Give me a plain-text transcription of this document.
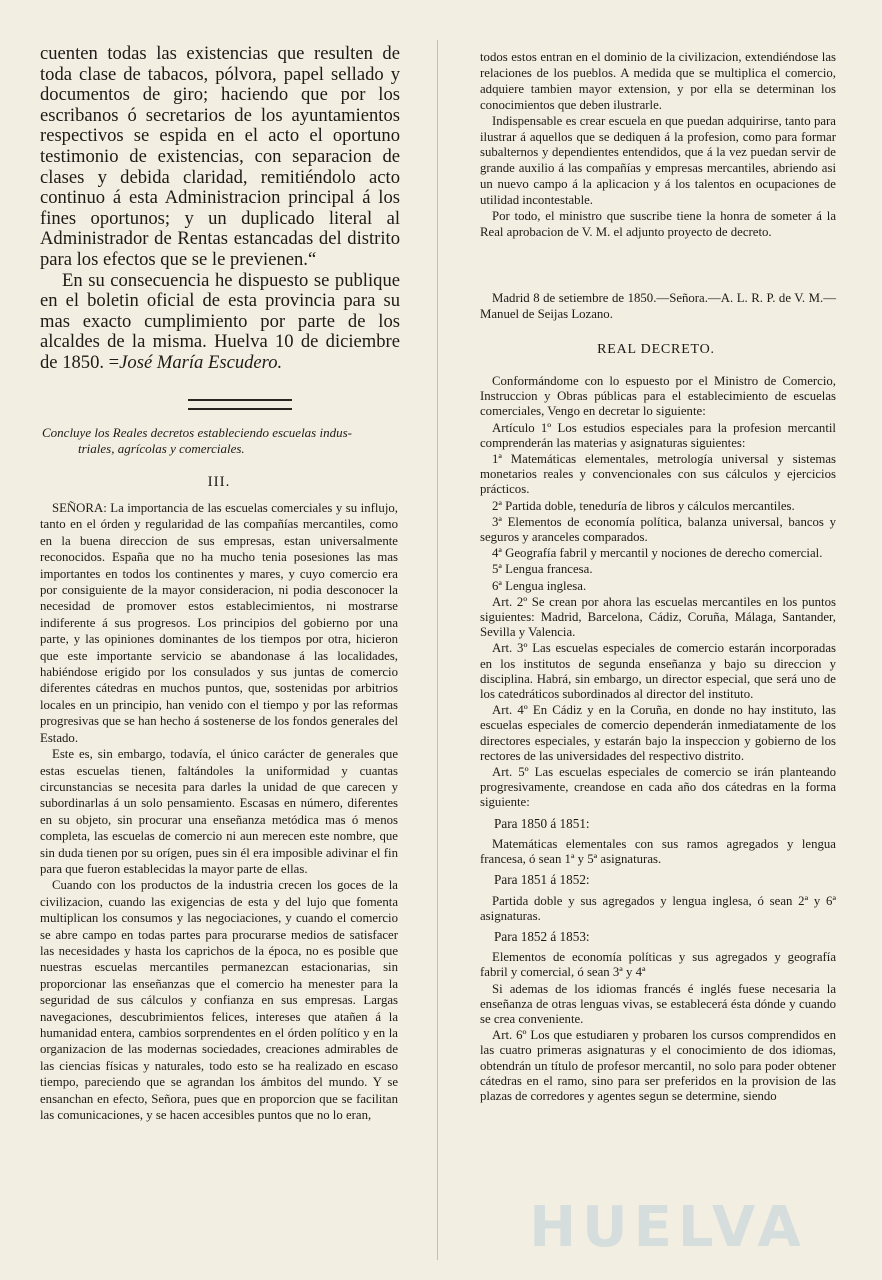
cuenten todas las existencias que resulten de toda clase de tabacos, pólvora, papel sellado y documentos de giro; haciendo que por los escribanos ó secretarios de los ayuntamientos respectivos se espida en el acto el oportuno testimonio de existencias, con separacion de clases y debida claridad, remitiéndolo acto continuo á esta Administracion principal á los fines oportunos; y un duplicado literal al Administrador de Rentas estancadas del distrito para los efectos que se le previenen.“

En su consecuencia he dispuesto se publique en el boletin oficial de esta provincia para su mas exacto cumplimiento por parte de los alcaldes de la misma. Huelva 10 de diciembre de 1850. =José María Escudero.

Concluye los Reales decretos estableciendo escuelas indus-
triales, agrícolas y comerciales.
III.

SEÑORA: La importancia de las escuelas comerciales y su influjo, tanto en el órden y regularidad de las compañías mercantiles, como en la buena direccion de sus empresas, estan universalmente reconocidos. España que no ha mucho tenia posesiones las mas importantes en todos los continentes y mares, y cuyo comercio era por consiguiente de la mayor consideracion, ni podia desconocer la necesidad de promover estos establecimientos, ni mostrarse indiferente á sus progresos. Los principios del gobierno por una parte, y las opiniones dominantes de los tiempos por otra, hicieron que este importante servicio se abandonase á las localidades, habiéndose erigido por los consulados y sus juntas de comercio diferentes cátedras en muchos puntos, que, sostenidas por arbitrios locales en un principio, han venido con el tiempo y por las reformas progresivas que se han hecho á sostenerse de los fondos generales del Estado.

Este es, sin embargo, todavía, el único carácter de generales que estas escuelas tienen, faltándoles la uniformidad y cuantas circunstancias se necesita para darles la unidad de que carecen y subordinarlas á un solo pensamiento. Escasas en número, diferentes en su objeto, sin procurar una enseñanza metódica mas ó menos completa, las escuelas de comercio ni aun merecen este nombre, que sin duda tienen por su orígen, pues sin él era imposible adivinar el fin para que fueron establecidas la mayor parte de ellas.

Cuando con los productos de la industria crecen los goces de la civilizacion, cuando las exigencias de esta y del lujo que fomenta multiplican los consumos y las negociaciones, y cuando el comercio se abre campo en todas partes para procurarse medios de satisfacer las necesidades y hasta los caprichos de la época, no es posible que nuestras escuelas mercantiles permanezcan estacionarias, sin proporcionar las enseñanzas que el comercio ha menester para la seguridad de sus cálculos y confianza en sus empresas. Largas navegaciones, descubrimientos felices, intereses que atañen á la humanidad entera, cambios sorprendentes en el órden político y en la organizacion de las modernas sociedades, creaciones admirables de las ciencias físicas y naturales, todo esto se ha realizado en escaso tiempo, pareciendo que se agrandan los ámbitos del mundo. Y se ensanchan en efecto, Señora, pues que en proporcion que se facilitan las comunicaciones, y se hacen accesibles puntos que no lo eran,

todos estos entran en el dominio de la civilizacion, extendiéndose las relaciones de los pueblos. A medida que se multiplica el comercio, adquiere tambien mayor extension, y por ella se determinan los conocimientos que deben ilustrarle.

Indispensable es crear escuela en que puedan adquirirse, tanto para ilustrar á aquellos que se dediquen á la profesion, como para formar subalternos y dependientes entendidos, que á la vez puedan servir de grande auxilio á las compañías y empresas mercantiles, abriendo asi un nuevo campo á la aplicacion y á los talentos en ocupaciones de utilidad incontestable.

Por todo, el ministro que suscribe tiene la honra de someter á la Real aprobacion de V. M. el adjunto proyecto de decreto.

Madrid 8 de setiembre de 1850.—Señora.—A. L. R. P. de V. M.—Manuel de Seijas Lozano.
REAL DECRETO.

Conformándome con lo espuesto por el Ministro de Comercio, Instruccion y Obras públicas para el establecimiento de escuelas comerciales, Vengo en decretar lo siguiente:

Artículo 1º Los estudios especiales para la profesion mercantil comprenderán las materias y asignaturas siguientes:

1ª Matemáticas elementales, metrología universal y sistemas monetarios reales y convencionales con sus cálculos y ejercicios prácticos.

2ª Partida doble, teneduría de libros y cálculos mercantiles.

3ª Elementos de economía política, balanza universal, bancos y seguros y aranceles comparados.

4ª Geografía fabril y mercantil y nociones de derecho comercial.

5ª Lengua francesa.

6ª Lengua inglesa.

Art. 2º Se crean por ahora las escuelas mercantiles en los puntos siguientes: Madrid, Barcelona, Cádiz, Coruña, Málaga, Santander, Sevilla y Valencia.

Art. 3º Las escuelas especiales de comercio estarán incorporadas en los institutos de segunda enseñanza y bajo su direccion y disciplina. Habrá, sin embargo, un director especial, que será uno de los catedráticos subordinados al director del instituto.

Art. 4º En Cádiz y en la Coruña, en donde no hay instituto, las escuelas especiales de comercio dependerán inmediatamente de los directores especiales, y estarán bajo la inspeccion y gobierno de los rectores de las universidades del respectivo distrito.

Art. 5º Las escuelas especiales de comercio se irán planteando progresivamente, creandose en cada año dos cátedras en la forma siguiente:

Para 1850 á 1851:

Matemáticas elementales con sus ramos agregados y lengua francesa, ó sean 1ª y 5ª asignaturas.

Para 1851 á 1852:

Partida doble y sus agregados y lengua inglesa, ó sean 2ª y 6ª asignaturas.

Para 1852 á 1853:

Elementos de economía políticas y sus agregados y geografía fabril y comercial, ó sean 3ª y 4ª

Si ademas de los idiomas francés é inglés fuese necesaria la enseñanza de otras lenguas vivas, se establecerá ésta dónde y cuando se crea conveniente.

Art. 6º Los que estudiaren y probaren los cursos comprendidos en las cuatro primeras asignaturas y el conocimiento de dos idiomas, obtendrán un título de profesor mercantil, no solo para poder obtener cátedras en el ramo, sino para ser preferidos en la provision de las plazas de corredores y agentes segun se determine, siendo

HUELVA
